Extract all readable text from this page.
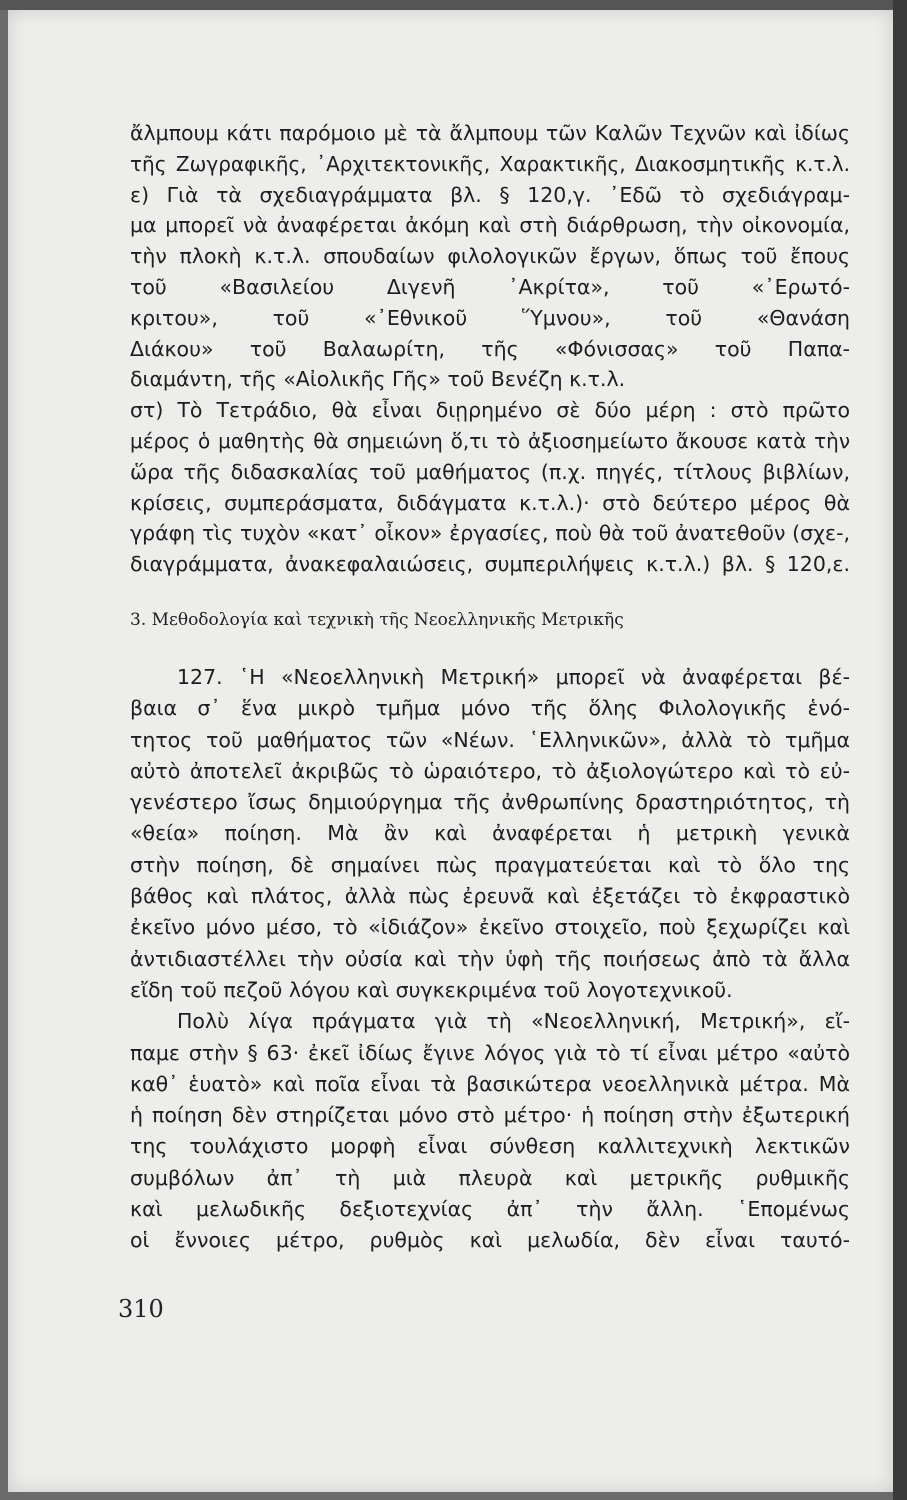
ἄλμπουμ κάτι παρόμοιο μὲ τὰ ἄλμπουμ τῶν Καλῶν Τεχνῶν καὶ ἰδίως
τῆς Ζωγραφικῆς, ᾿Αρχιτεκτονικῆς, Χαρακτικῆς, Διακοσμητικῆς κ.τ.λ.
ε) Γιὰ τὰ σχεδιαγράμματα βλ. § 120,γ. ᾿Εδῶ τὸ σχεδιάγραμ-
μα μπορεῖ νὰ ἀναφέρεται ἀκόμη καὶ στὴ διάρθρωση, τὴν οἰκονομία,
τὴν πλοκὴ κ.τ.λ. σπουδαίων φιλολογικῶν ἔργων, ὅπως τοῦ ἔπους
τοῦ «Βασιλείου Διγενῆ ᾿Ακρίτα», τοῦ «᾿Ερωτό-
κριτου», τοῦ «᾿Εθνικοῦ Ὕμνου», τοῦ «Θανάση
Διάκου» τοῦ Βαλαωρίτη, τῆς «Φόνισσας» τοῦ Παπα-
διαμάντη, τῆς «Αἰολικῆς Γῆς» τοῦ Βενέζη κ.τ.λ.
στ) Τὸ Τετράδιο, θὰ εἶναι διῃρημένο σὲ δύο μέρη : στὸ πρῶτο
μέρος ὁ μαθητὴς θὰ σημειώνη ὅ,τι τὸ ἀξιοσημείωτο ἄκουσε κατὰ τὴν
ὥρα τῆς διδασκαλίας τοῦ μαθήματος (π.χ. πηγές, τίτλους βιβλίων,
κρίσεις, συμπεράσματα, διδάγματα κ.τ.λ.)· στὸ δεύτερο μέρος θὰ
γράφη τὶς τυχὸν «κατ᾿ οἶκον» ἐργασίες, ποὺ θὰ τοῦ ἀνατεθοῦν (σχε-,
διαγράμματα, ἀνακεφαλαιώσεις, συμπεριλήψεις κ.τ.λ.) βλ. § 120,ε.
3. Μεθοδολογία καὶ τεχνικὴ τῆς Νεοελληνικῆς Μετρικῆς
127. ῾Η «Νεοελληνικὴ Μετρική» μπορεῖ νὰ ἀναφέρεται βέ-
βαια σ᾿ ἕνα μικρὸ τμῆμα μόνο τῆς ὅλης Φιλολογικῆς ἑνό-
τητος τοῦ μαθήματος τῶν «Νέων. ῾Ελληνικῶν», ἀλλὰ τὸ τμῆμα
αὐτὸ ἀποτελεῖ ἀκριβῶς τὸ ὡραιότερο, τὸ ἀξιολογώτερο καὶ τὸ εὐ-
γενέστερο ἴσως δημιούργημα τῆς ἀνθρωπίνης δραστηριότητος, τὴ
«θεία» ποίηση. Μὰ ἂν καὶ ἀναφέρεται ἡ μετρικὴ γενικὰ
στὴν ποίηση, δὲ σημαίνει πὼς πραγματεύεται καὶ τὸ ὅλο της
βάθος καὶ πλάτος, ἀλλὰ πὼς ἐρευνᾶ καὶ ἐξετάζει τὸ ἐκφραστικὸ
ἐκεῖνο μόνο μέσο, τὸ «ἰδιάζον» ἐκεῖνο στοιχεῖο, ποὺ ξεχωρίζει καὶ
ἀντιδιαστέλλει τὴν οὐσία καὶ τὴν ὑφὴ τῆς ποιήσεως ἀπὸ τὰ ἄλλα
εἴδη τοῦ πεζοῦ λόγου καὶ συγκεκριμένα τοῦ λογοτεχνικοῦ.
Πολὺ λίγα πράγματα γιὰ τὴ «Νεοελληνική, Μετρική», εἴ-
παμε στὴν § 63· ἐκεῖ ἰδίως ἔγινε λόγος γιὰ τὸ τί εἶναι μέτρο «αὐτὸ
καθ᾿ ἑυατὸ» καὶ ποῖα εἶναι τὰ βασικώτερα νεοελληνικὰ μέτρα. Μὰ
ἡ ποίηση δὲν στηρίζεται μόνο στὸ μέτρο· ἡ ποίηση στὴν ἐξωτερική
της τουλάχιστο μορφὴ εἶναι σύνθεση καλλιτεχνικὴ λεκτικῶν
συμβόλων ἀπ᾿ τὴ μιὰ πλευρὰ καὶ μετρικῆς ρυθμικῆς
καὶ μελωδικῆς δεξιοτεχνίας ἀπ᾿ τὴν ἄλλη. ῾Επομένως
οἱ ἔννοιες μέτρο, ρυθμὸς καὶ μελωδία, δὲν εἶναι ταυτό-
310
